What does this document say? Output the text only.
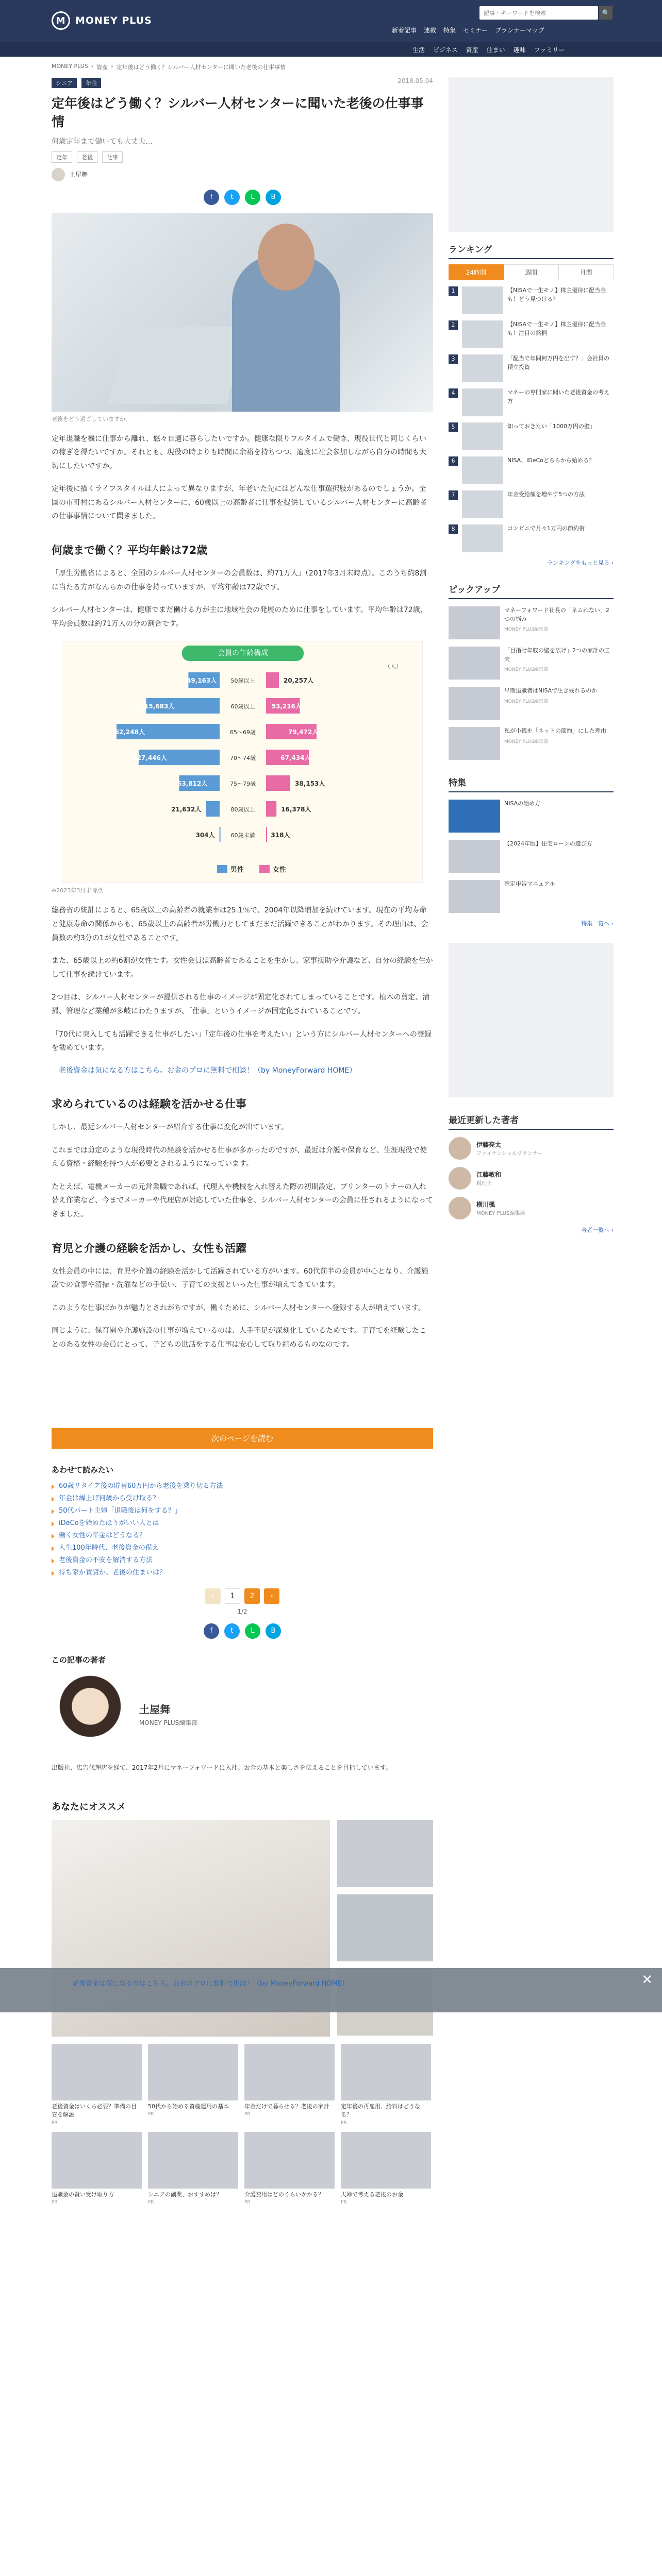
M MONEY PLUS
記事・キーワードを検索
🔍
新着記事 連載 特集 セミナー プランナーマップ
生活 ビジネス 資産 住まい 趣味 ファミリー
MONEY PLUS › 資産 › 定年後はどう働く？シルバー人材センターに聞いた老後の仕事事情
シニア 年金	2018.05.04
定年後はどう働く？シルバー人材センターに聞いた老後の仕事事情
何歳定年まで働いても大丈夫…
定年 老後 仕事
土屋舞
f	t	L	B
老後をどう過ごしていますか。

定年退職を機に仕事から離れ、悠々自適に暮らしたいですか。健康な限りフルタイムで働き、現役世代と同じくらいの稼ぎを得たいですか。それとも、現役の時よりも時間に余裕を持ちつつ、適度に社会参加しながら自分の時間も大切にしたいですか。

定年後に描くライフスタイルは人によって異なりますが、年老いた先にはどんな仕事選択肢があるのでしょうか。全国の市町村にあるシルバー人材センターに、60歳以上の高齢者に仕事を提供しているシルバー人材センターに高齢者の仕事事情について聞きました。

何歳まで働く？平均年齢は72歳

「厚生労働省によると、全国のシルバー人材センターの会員数は、約71万人」（2017年3月末時点）。このうち約8割に当たる方がなんらかの仕事を持っていますが、平均年齢は72歳です。

シルバー人材センターは、健康でまだ働ける方が主に地域社会の発展のために仕事をしています。平均年齢は72歳、平均会員数は約71万人の分の割合です。

会員の年齢構成
（人）
50歳以上
49,163人	20,257人
60歳以上
115,683人	53,216人
65〜69歳
162,248人	79,472人
70〜74歳
127,446人	67,434人
75〜79歳
63,812人	38,153人
80歳以上
21,632人	16,378人
60歳未満
304人	318人
男性	女性
※2023年3月末時点

総務省の統計によると、65歳以上の高齢者の就業率は25.1％で、2004年以降増加を続けています。現在の平均寿命と健康寿命の関係からも、65歳以上の高齢者が労働力としてまだまだ活躍できることがわかります。その理由は、会員数の約3分の1が女性であることです。

また、65歳以上の約6割が女性です。女性会員は高齢者であることを生かし、家事援助や介護など、自分の経験を生かして仕事を続けています。

2つ目は、シルバー人材センターが提供される仕事のイメージが固定化されてしまっていることです。植木の剪定、清掃、管理など業種が多岐にわたりますが、「仕事」というイメージが固定化されていることです。

「70代に突入しても活躍できる仕事がしたい」「定年後の仕事を考えたい」という方にシルバー人材センターへの登録を勧めています。

老後資金は気になる方はこちら。お金のプロに無料で相談！（by MoneyForward HOME）
求められているのは経験を活かせる仕事

しかし、最近シルバー人材センターが紹介する仕事に変化が出ています。

これまでは剪定のような現役時代の経験を活かせる仕事が多かったのですが、最近は介護や保育など、生涯現役で使える資格・経験を持つ人が必要とされるようになっています。

たとえば、電機メーカーの元営業職であれば、代理人や機械を入れ替えた際の初期設定、プリンターのトナーの入れ替え作業など、今までメーカーや代理店が対応していた仕事を、シルバー人材センターの会員に任されるようになってきました。

育児と介護の経験を活かし、女性も活躍

女性会員の中には、育児や介護の経験を活かして活躍されている方がいます。60代前半の会員が中心となり、介護施設での食事や清掃・洗濯などの手伝い、子育ての支援といった仕事が増えてきています。

このような仕事ばかりが魅力とされがちですが、働くために、シルバー人材センターへ登録する人が増えています。

同じように、保育園や介護施設の仕事が増えているのは、人手不足が深刻化しているためです。子育てを経験したことのある女性の会員にとって、子どもの世話をする仕事は安心して取り組めるものなのです。

次のページを読む
あわせて読みたい
60歳リタイア後の貯蓄60万円から老後を乗り切る方法
年金は繰上げ何歳から受け取る？
50代パート主婦「退職後は何をする？」
iDeCoを始めたほうがいい人とは
働く女性の年金はどうなる？
人生100年時代、老後資金の備え
老後資金の不安を解消する方法
持ち家か賃貸か、老後の住まいは？
‹	1	2	›
1/2
f	t	L	B
この記事の著者
土屋舞
MONEY PLUS編集部

出版社、広告代理店を経て、2017年2月にマネーフォワードに入社。お金の基本と楽しさを伝えることを目指しています。

あなたにオススメ
老後資金はいくら必要？準備の目安を解説
PR
50代から始める資産運用の基本
PR
年金だけで暮らせる？老後の家計
PR
定年後の再雇用、給料はどうなる？
PR
退職金の賢い受け取り方
PR
シニアの副業、おすすめは？
PR
介護費用はどのくらいかかる？
PR
夫婦で考える老後のお金
PR
ランキング
24時間	週間	月間
1	【NISAで一生モノ】株主優待に配当金も！どう見つける？
2	【NISAで一生モノ】株主優待に配当金も！注目の銘柄
3	「配当で年間何万円を出す？」会社員の積立投資
4	マネーの専門家に聞いた老後資金の考え方
5	知っておきたい「1000万円の壁」
6	NISA、iDeCoどちらから始める？
7	年金受給額を増やす5つの方法
8	コンビニで月々1万円の節約術
ランキングをもっと見る ›
ピックアップ
マネーフォワード社長の「ネムれない」2つの悩み
MONEY PLUS編集部
「目指せ年収の壁を広げ」2つの家計の工夫
MONEY PLUS編集部
早期退職者はNISAで生き残れるのか
MONEY PLUS編集部
私が小銭を「ネットの節約」にした理由
MONEY PLUS編集部
特集
NISAの始め方
【2024年版】住宅ローンの選び方
確定申告マニュアル
特集一覧へ ›
最近更新した著者
伊藤亮太
ファイナンシャルプランナー
江藤敏和
税理士
横川楓
MONEY PLUS編集部
著者一覧へ ›
老後資金は気になる方はこちら。お金のプロに無料で相談！（by MoneyForward HOME）	✕
